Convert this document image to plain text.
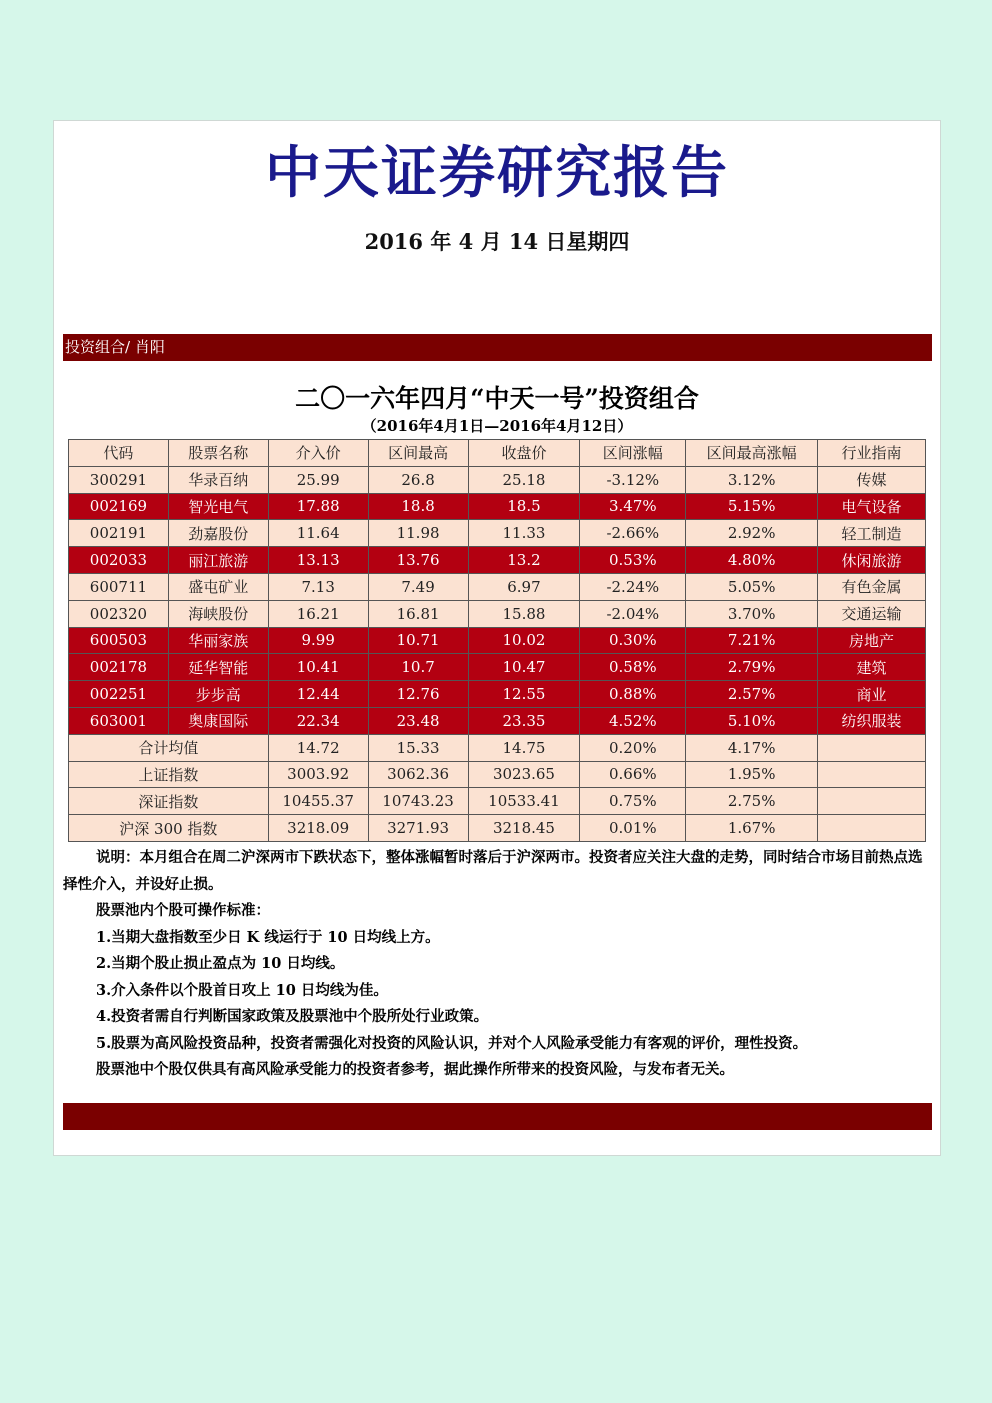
中天证券研究报告
2016 年 4 月 14 日星期四
投资组合/ 肖阳
二〇一六年四月“中天一号”投资组合
（2016年4月1日—2016年4月12日）
代码	股票名称	介入价	区间最高	收盘价	区间涨幅	区间最高涨幅	行业指南
300291	华录百纳	25.99	26.8	25.18	-3.12%	3.12%	传媒
002169	智光电气	17.88	18.8	18.5	3.47%	5.15%	电气设备
002191	劲嘉股份	11.64	11.98	11.33	-2.66%	2.92%	轻工制造
002033	丽江旅游	13.13	13.76	13.2	0.53%	4.80%	休闲旅游
600711	盛屯矿业	7.13	7.49	6.97	-2.24%	5.05%	有色金属
002320	海峡股份	16.21	16.81	15.88	-2.04%	3.70%	交通运输
600503	华丽家族	9.99	10.71	10.02	0.30%	7.21%	房地产
002178	延华智能	10.41	10.7	10.47	0.58%	2.79%	建筑
002251	步步高	12.44	12.76	12.55	0.88%	2.57%	商业
603001	奥康国际	22.34	23.48	23.35	4.52%	5.10%	纺织服装
合计均值		14.72	15.33	14.75	0.20%	4.17%	
上证指数		3003.92	3062.36	3023.65	0.66%	1.95%	
深证指数		10455.37	10743.23	10533.41	0.75%	2.75%	
沪深 300 指数		3218.09	3271.93	3218.45	0.01%	1.67%	

说明：本月组合在周二沪深两市下跌状态下，整体涨幅暂时落后于沪深两市。投资者应关注大盘的走势，同时结合市场目前热点选择性介入，并设好止损。

股票池内个股可操作标准：

1.当期大盘指数至少日 K 线运行于 10 日均线上方。

2.当期个股止损止盈点为 10 日均线。

3.介入条件以个股首日攻上 10 日均线为佳。

4.投资者需自行判断国家政策及股票池中个股所处行业政策。

5.股票为高风险投资品种，投资者需强化对投资的风险认识，并对个人风险承受能力有客观的评价，理性投资。

股票池中个股仅供具有高风险承受能力的投资者参考，据此操作所带来的投资风险，与发布者无关。
